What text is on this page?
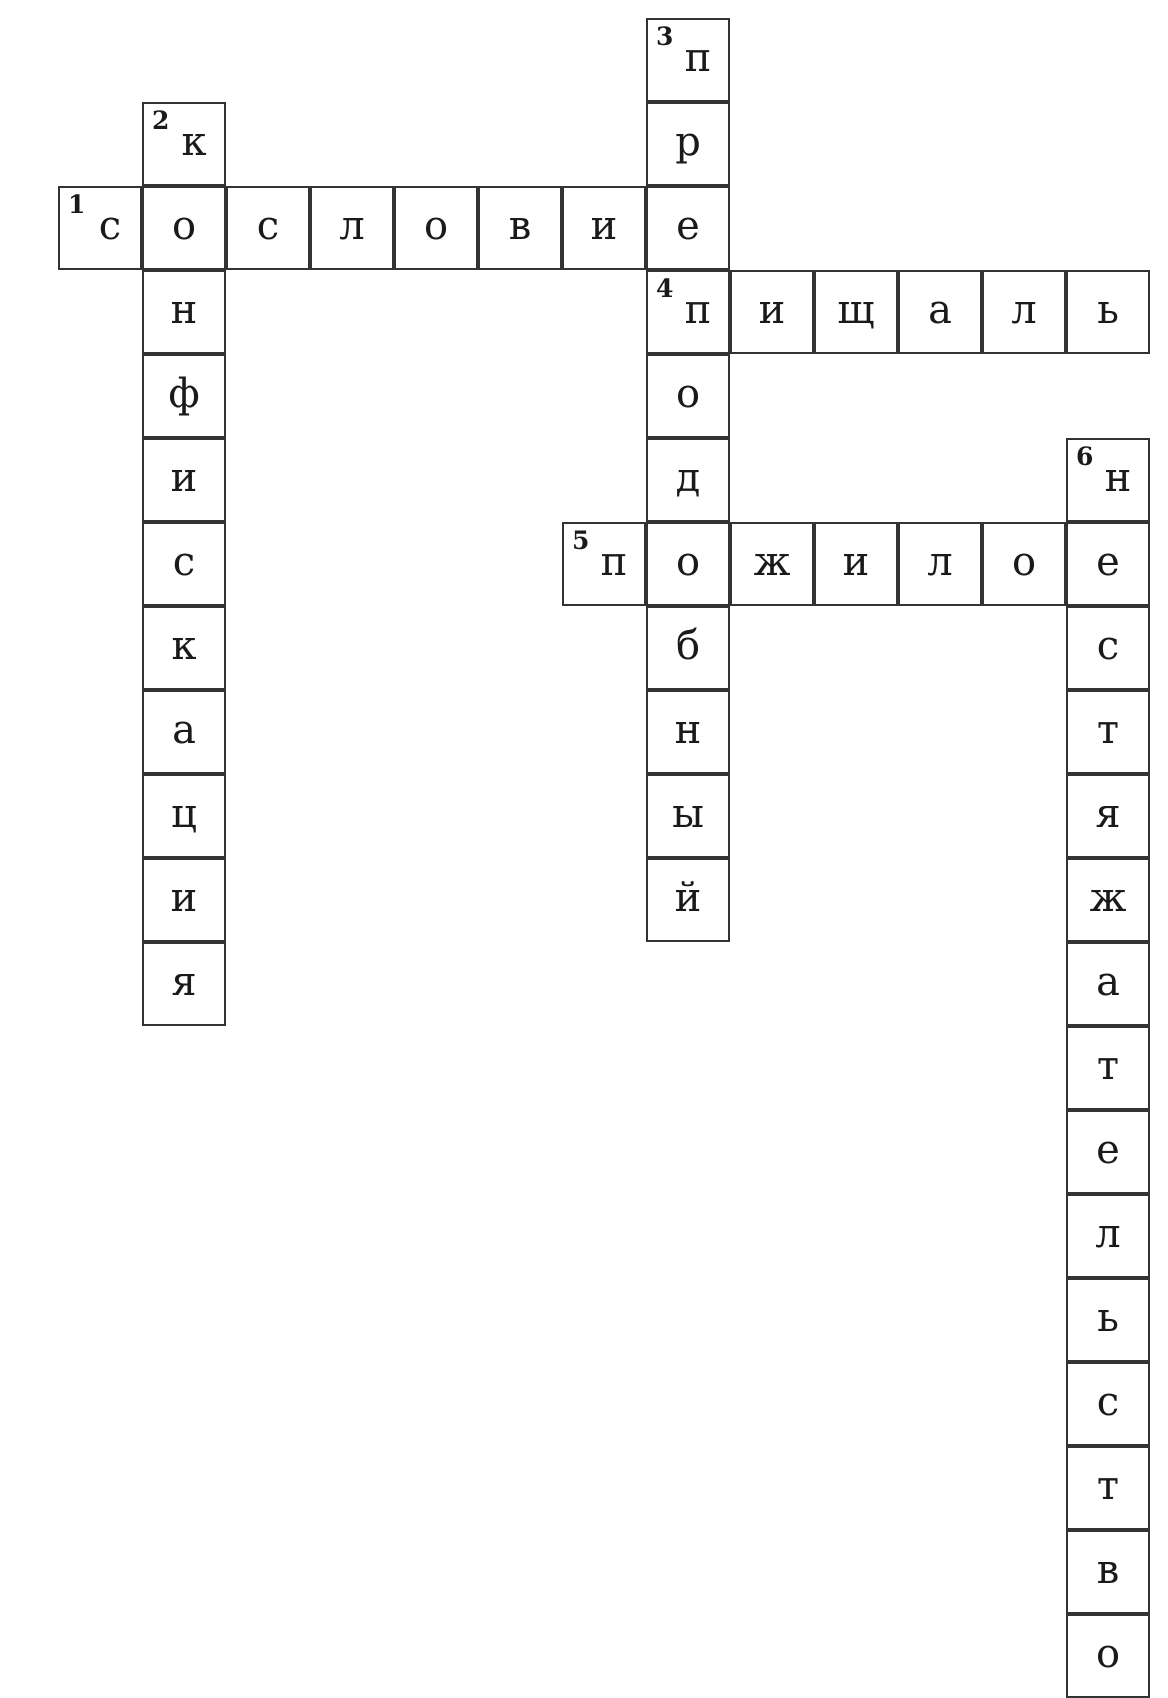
1 с о с л о в и е
2 к
н
ф
и
с
к
а
ц
и
я
3 п
р
4 п
о
д
о
б
н
ы
й
и щ а л ь
5 п	ж и л о е
6 н
с
т
я
ж
а
т
е
л
ь
с
т
в
о
